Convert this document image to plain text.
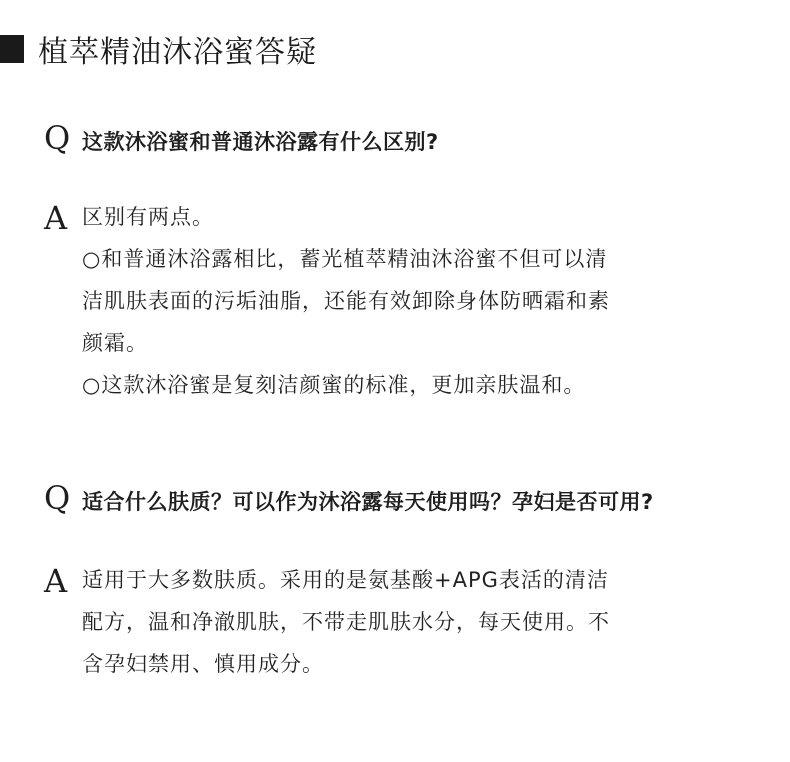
植萃精油沐浴蜜答疑
Q 这款沐浴蜜和普通沐浴露有什么区别?
A 区别有两点。
○和普通沐浴露相比，蓄光植萃精油沐浴蜜不但可以清
洁肌肤表面的污垢油脂，还能有效卸除身体防晒霜和素
颜霜。
○这款沐浴蜜是复刻洁颜蜜的标准，更加亲肤温和。
Q 适合什么肤质？可以作为沐浴露每天使用吗？孕妇是否可用?
A 适用于大多数肤质。采用的是氨基酸+APG表活的清洁
配方，温和净澈肌肤，不带走肌肤水分，每天使用。不
含孕妇禁用、慎用成分。
